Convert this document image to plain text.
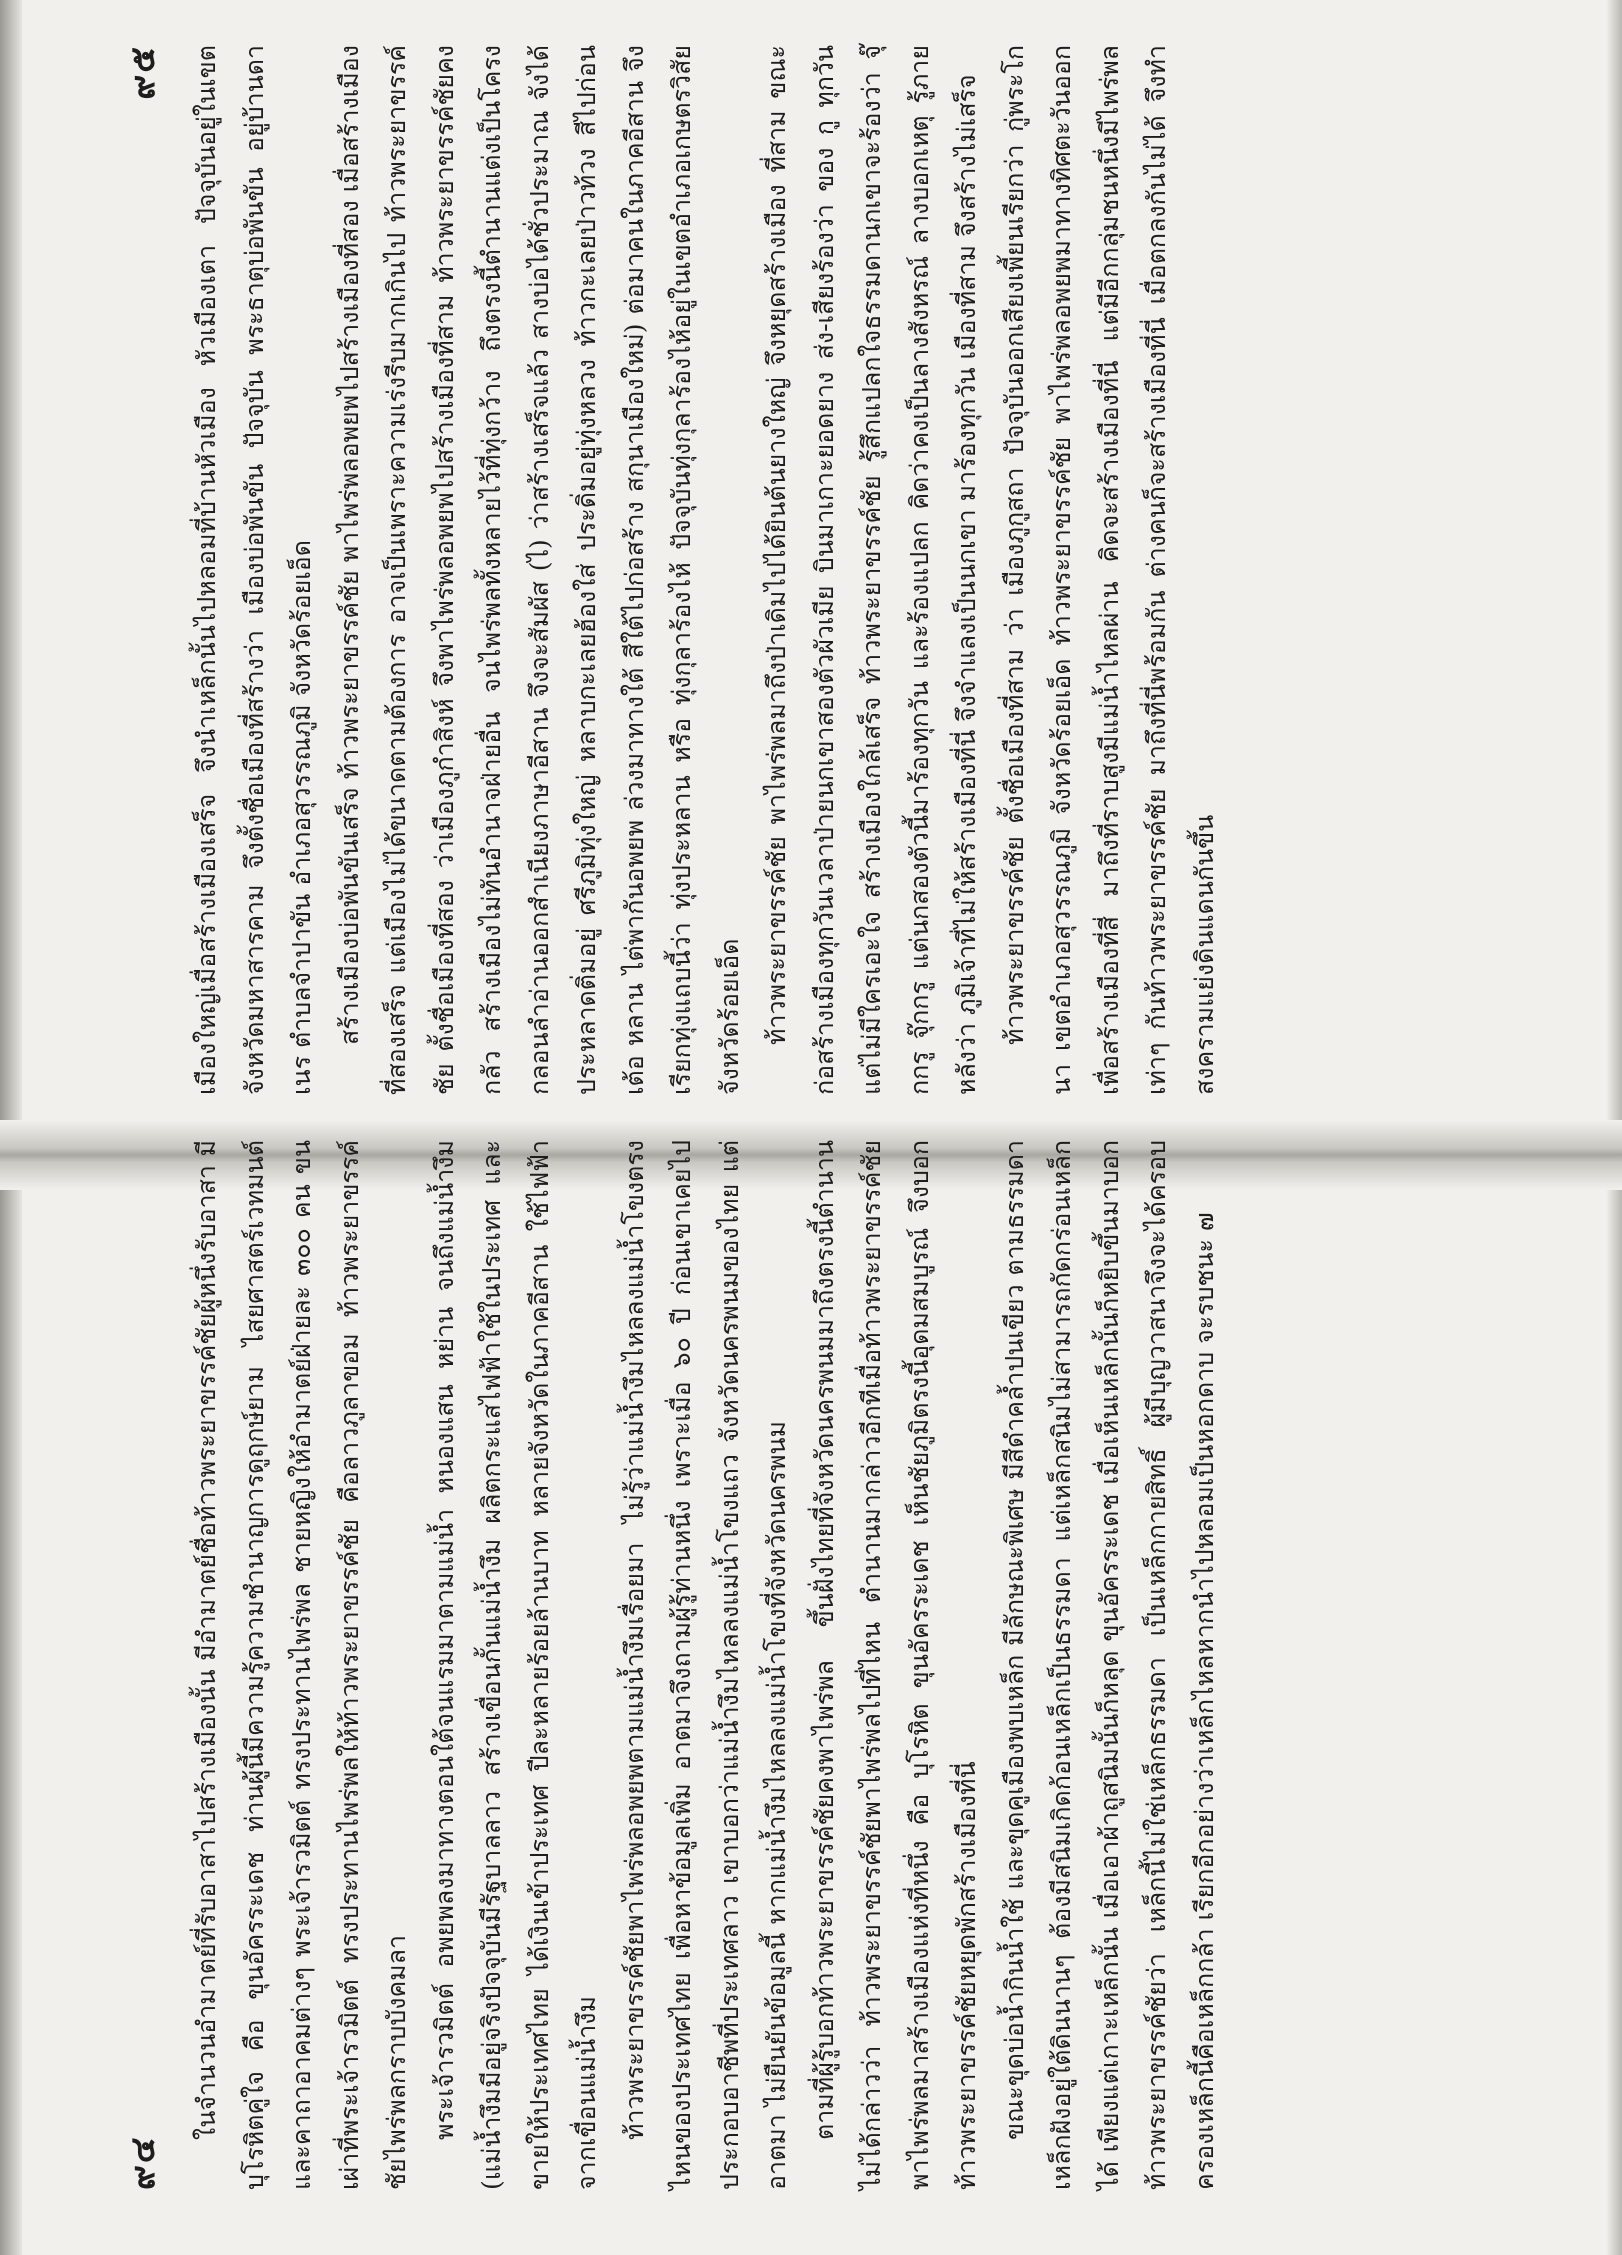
๙๕	เมืองใหญ่เมื่อสร้างเมืองเสร็จ จึงนำเหล็กนั้นไปหลอมที่บ้านหัวเมือง หัวเมืองเตา ปัจจุบันอยู่ในเขตจังหวัดมหาสารคาม จึงตั้งชื่อเมืองที่สร้างว่า เมืองบ่อพันขัน ปัจจุบัน พระธาตุบ่อพันขัน อยู่บ้านดาเนร ตำบลจำปาขัน อำเภอสุวรรณภูมิ จังหวัดร้อยเอ็ด สร้างเมืองบ่อพันขันเสร็จ ท้าวพระยาขรรค์ชัย พาไพร่พลอพยพไปสร้างเมืองที่สอง เมื่อสร้างเมืองที่สองเสร็จ แต่เมืองไม่ได้ขนาดตามต้องการ อาจเป็นเพราะความเร่งรีบมากเกินไป ท้าวพระยาขรรค์ชัย ตั้งชื่อเมืองที่สอง ว่าเมืองภูกำสิงห์ จึงพาไพร่พลอพยพไปสร้างเมืองที่สาม ท้าวพระยาขรรค์ชัยคงกลัว สร้างเมืองไม่ทันอำนาจฝ่ายอื่น จนไพร่พลทั้งหลายไว้ที่ทุ่งกว้าง ถึงตรงนี้ตำนานแต่งเป็นโครงกลอนลำอ่านออกสำเนียงภาษาอีสาน จึงจะสัมผัส (ไ) ว่าสร้างเสร็จแล้ว สางบ่อได้ชั่วประมาณ จังได้ประหลาดติ่มอยู่ ศรีภูมิทุ่งใหญ่ หลาบกะเลยฮ้องใส่ ประดิ่มอยู่ทุ่งหลวง ท้าวกะเลยป่าวท้วง สีไปก่อนเต้อ หลาน ไต่พากันอพยพ ล่วงมาทางใต้ สีใต้ไปก่อสร้าง สกุนาเมืองใหม่) ต่อมาคนในภาคอีสาน จึงเรียกทุ่งแถบนี้ว่า ทุ่งประหลาน หรือ ทุ่งกุลาร้องไห้ ปัจจุบันทุ่งกุลาร้องไห้อยู่ในเขตอำเภอเกษตรวิสัย จังหวัดร้อยเอ็ด ท้าวพระยาขรรค์ชัย พาไพร่พลมาถึงป่าเดิมไปได้ยินต้นยางใหญ่ จึงหยุดสร้างเมือง ที่สาม ขณะก่อสร้างเมืองทุกวันเวลาป่ายนกเขาสองตัวผัวเมีย บินมาเกาะยอดยาง ส่ง-เสียงร้องว่า ของ กู ทุกวัน แต่ไม่มีใครเอะใจ สร้างเมืองใกล้เสร็จ ท้าวพระยาขรรค์ชัย รู้สึกแปลกใจธรรมดานกเขาจะร้องว่า จุ๊กกรู จุ๊กกรู แต่นกสองตัวนี้มาร้องทุกวัน และร้องแปลก คิดว่าคงเป็นลางสังหรณ์ ลางบอกเหตุ รู้ภายหลังว่า ภูมิเจ้าที่ไม่ให้สร้างเมืองที่นี่ จึงจำแลงเป็นนกเขา มาร้องทุกวัน เมืองที่สาม จึงสร้างไม่เสร็จ ท้าวพระยาขรรค์ชัย ตั้งชื่อเมืองที่สาม ว่า เมืองภูกูสถา ปัจจุบันออกเสียงเพี้ยนเรียกว่า กู่พระโกนา เขตอำเภอสุวรรณภูมิ จังหวัดร้อยเอ็ด ท้าวพระยาขรรค์ชัย พาไพร่พลอพยพมาทางทิศตะวันออก เพื่อสร้างเมืองที่สี่ มาถึงที่ราบสูงมีแม่น้ำไหลผ่าน คิดจะสร้างเมืองที่นี่ แต่มีอีกกลุ่มชนหนึ่งมีไพร่พลเท่าๆ กันท้าวพระยาขรรค์ชัย มาถึงที่นี่พร้อมกัน ต่างคนก็จะสร้างเมืองที่นี่ เมื่อตกลงกันไม่ได้ จึงทำสงครามแย่งดินแดนกันขึ้น

๙๔

ในจำนวนอำมาตย์ที่รับอาสาไปสร้างเมืองนั้น มีอำมาตย์ชื่อท้าวพระยาขรรค์ชัยผู้หนึ่งรับอาสา มีบุโรหิตคู่ใจ คือ ขุนอัครระเดช ท่านผู้นี้มีความรู้ความชำนาญการดูฤกษ์ยาม ไสยศาสตร์เวทมนต์ และคาถาอาคมต่างๆ พระเจ้ารวมิตต์ ทรงประทานไพร่พล ชายหญิงให้อำมาตย์ฝ่ายละ ๓๐๐ คน ขนเผ่าที่พระเจ้ารวมิตต์ ทรงประทานไพร่พลให้ท้าวพระยาขรรค์ชัย คือลาวภูลาขอม ท้าวพระยาขรรค์ชัยไพร่พลกราบบังคมลา พระเจ้ารวมิตต์ อพยพลงมาทางตอนใต้จนแรมมาตามแม่น้ำ หนองแสน หย่าน จนถึงแม่น้ำงึม (แม่น้ำงึมมีอยู่จริงปัจจุบันมีรัฐบาลลาว สร้างเขื่อนกั้นแม่น้ำงึม ผลิตกระแสไฟฟ้าใช้ในประเทศ และขายให้ประเทศไทย ได้เงินเข้าประเทศ ปีละหลายร้อยล้านบาท หลายจังหวัดในภาคอีสาน ใช้ไฟฟ้าจากเขื่อนแม่น้ำงึม ท้าวพระยาขรรค์ชัยพาไพร่พลอพยพตามแม่น้ำงึมเรื่อยมา ไม่รู้ว่าแม่น้ำงึมไหลลงแม่น้ำโขงตรงไหนของประเทศไทย เพื่อหาข้อมูลเพิ่ม อาตมาจึงถามผู้รู้ท่านหนึ่ง เพราะเมื่อ ๖๐ ปี ก่อนเขาเคยไปประกอบอาชีพที่ประเทศลาว เขาบอกว่าแม่น้ำงึมไหลลงแม่น้ำโขงแถว จังหวัดนครพนมของไทย แต่อาตมา ไม่ยืนยันข้อมูลนี้ หากแม่น้ำงึมไหลลงแม่น้ำโขงที่จังหวัดนครพนม ตามที่ผู้รู้บอกท้าวพระยาขรรค์ชัยคงพาไพร่พล ขึ้นฝั่งไทยที่จังหวัดนครพนมมาถึงตรงนี้ตำนานไม่ได้กล่าวว่า ท้าวพระยาขรรค์ชัยพาไพร่พลไปที่ไหน ตำนานมากล่าวอีกทีเมื่อท้าวพระยาขรรค์ชัยพาไพร่พลมาสร้างเมืองแห่งที่หนึ่ง คือ บุโรหิต ขุนอัครระเดช เห็นชัยภูมิตรงนี้อุดมสมบูรณ์ จึงบอกท้าวพระยาขรรค์ชัยหยุดพักสร้างเมืองที่นี่ ขณะขุดบ่อน้ำกินน้ำใช้ และขุดคูเมืองพบเหล็ก มีลักษณะพิเศษ มีสีดำคล้ำปนเขียว ตามธรรมดา เหล็กฝังอยู่ใต้ดินนานๆ ต้องมีสนิมเกิดก้อนเหล็กเป็นธรรมดา แต่เหล็กสนิมไม่สามารถกัดกร่อนเหล็กได้ เพียงแต่เกาะเหล็กนั้น เมื่อเอาผ้าถูสนิมนั้นก็หลุด ขุนอัครระเดช เมื่อเห็นเหล็กนั้นก็หยิบขึ้นมาบอกท้าวพระยาขรรค์ชัยว่า เหล็กนี้ไม่ใช่เหล็กธรรมดา เป็นเหล็กกายสิทธิ์ ผู้มีบุญวาสนาจึงจะได้ครอบครองเหล็กนี้คือเหล็กกล้า เรียกอีกอย่างว่าเหล็กไหลหากนำไปหลอมเป็นหอกดาบ จะรบชนะ ๗
